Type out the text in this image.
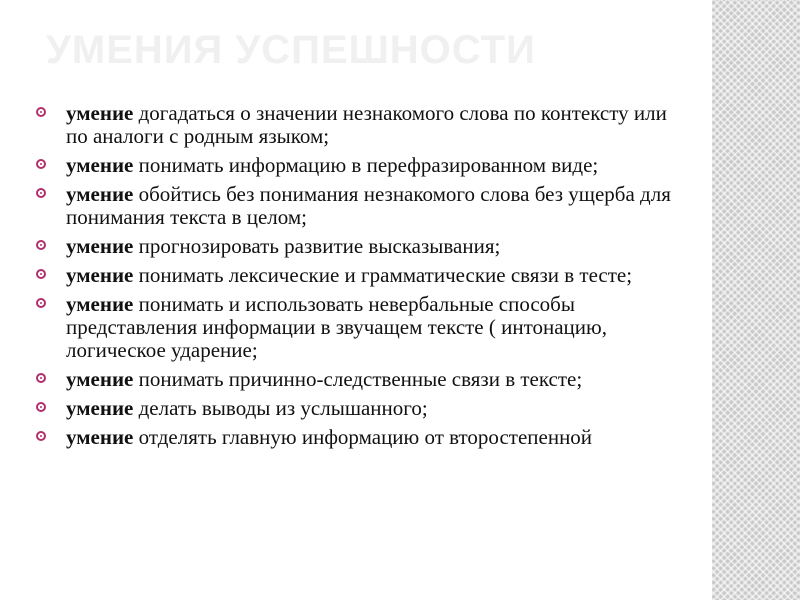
УМЕНИЯ УСПЕШНОСТИ
умение догадаться о значении незнакомого слова по контексту или по аналоги с родным языком;
умение понимать информацию в перефразированном виде;
умение обойтись без понимания незнакомого слова без ущерба для понимания текста в целом;
умение прогнозировать развитие высказывания;
умение понимать лексические и грамматические связи в тесте;
умение понимать и использовать невербальные способы представления информации в звучащем тексте ( интонацию, логическое ударение;
умение понимать причинно-следственные связи в тексте;
умение делать выводы из услышанного;
умение отделять главную информацию от второстепенной
